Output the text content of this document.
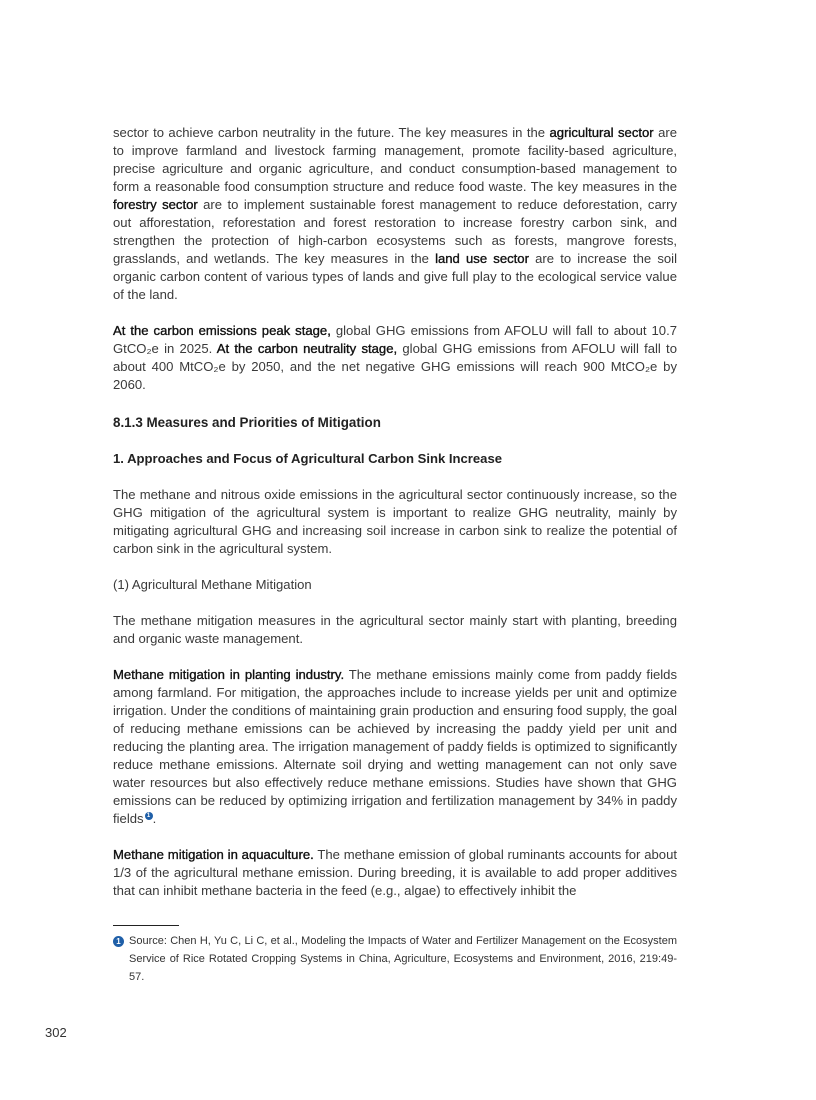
sector to achieve carbon neutrality in the future. The key measures in the agricultural sector are to improve farmland and livestock farming management, promote facility-based agriculture, precise agriculture and organic agriculture, and conduct consumption-based management to form a reasonable food consumption structure and reduce food waste. The key measures in the forestry sector are to implement sustainable forest management to reduce deforestation, carry out afforestation, reforestation and forest restoration to increase forestry carbon sink, and strengthen the protection of high-carbon ecosystems such as forests, mangrove forests, grasslands, and wetlands. The key measures in the land use sector are to increase the soil organic carbon content of various types of lands and give full play to the ecological service value of the land.
At the carbon emissions peak stage, global GHG emissions from AFOLU will fall to about 10.7 GtCO₂e in 2025. At the carbon neutrality stage, global GHG emissions from AFOLU will fall to about 400 MtCO₂e by 2050, and the net negative GHG emissions will reach 900 MtCO₂e by 2060.
8.1.3 Measures and Priorities of Mitigation
1. Approaches and Focus of Agricultural Carbon Sink Increase
The methane and nitrous oxide emissions in the agricultural sector continuously increase, so the GHG mitigation of the agricultural system is important to realize GHG neutrality, mainly by mitigating agricultural GHG and increasing soil increase in carbon sink to realize the potential of carbon sink in the agricultural system.
(1) Agricultural Methane Mitigation
The methane mitigation measures in the agricultural sector mainly start with planting, breeding and organic waste management.
Methane mitigation in planting industry. The methane emissions mainly come from paddy fields among farmland. For mitigation, the approaches include to increase yields per unit and optimize irrigation. Under the conditions of maintaining grain production and ensuring food supply, the goal of reducing methane emissions can be achieved by increasing the paddy yield per unit and reducing the planting area. The irrigation management of paddy fields is optimized to significantly reduce methane emissions. Alternate soil drying and wetting management can not only save water resources but also effectively reduce methane emissions. Studies have shown that GHG emissions can be reduced by optimizing irrigation and fertilization management by 34% in paddy fields 1 .
Methane mitigation in aquaculture. The methane emission of global ruminants accounts for about 1/3 of the agricultural methane emission. During breeding, it is available to add proper additives that can inhibit methane bacteria in the feed (e.g., algae) to effectively inhibit the
1 Source: Chen H, Yu C, Li C, et al., Modeling the Impacts of Water and Fertilizer Management on the Ecosystem Service of Rice Rotated Cropping Systems in China, Agriculture, Ecosystems and Environment, 2016, 219:49-57.
302
